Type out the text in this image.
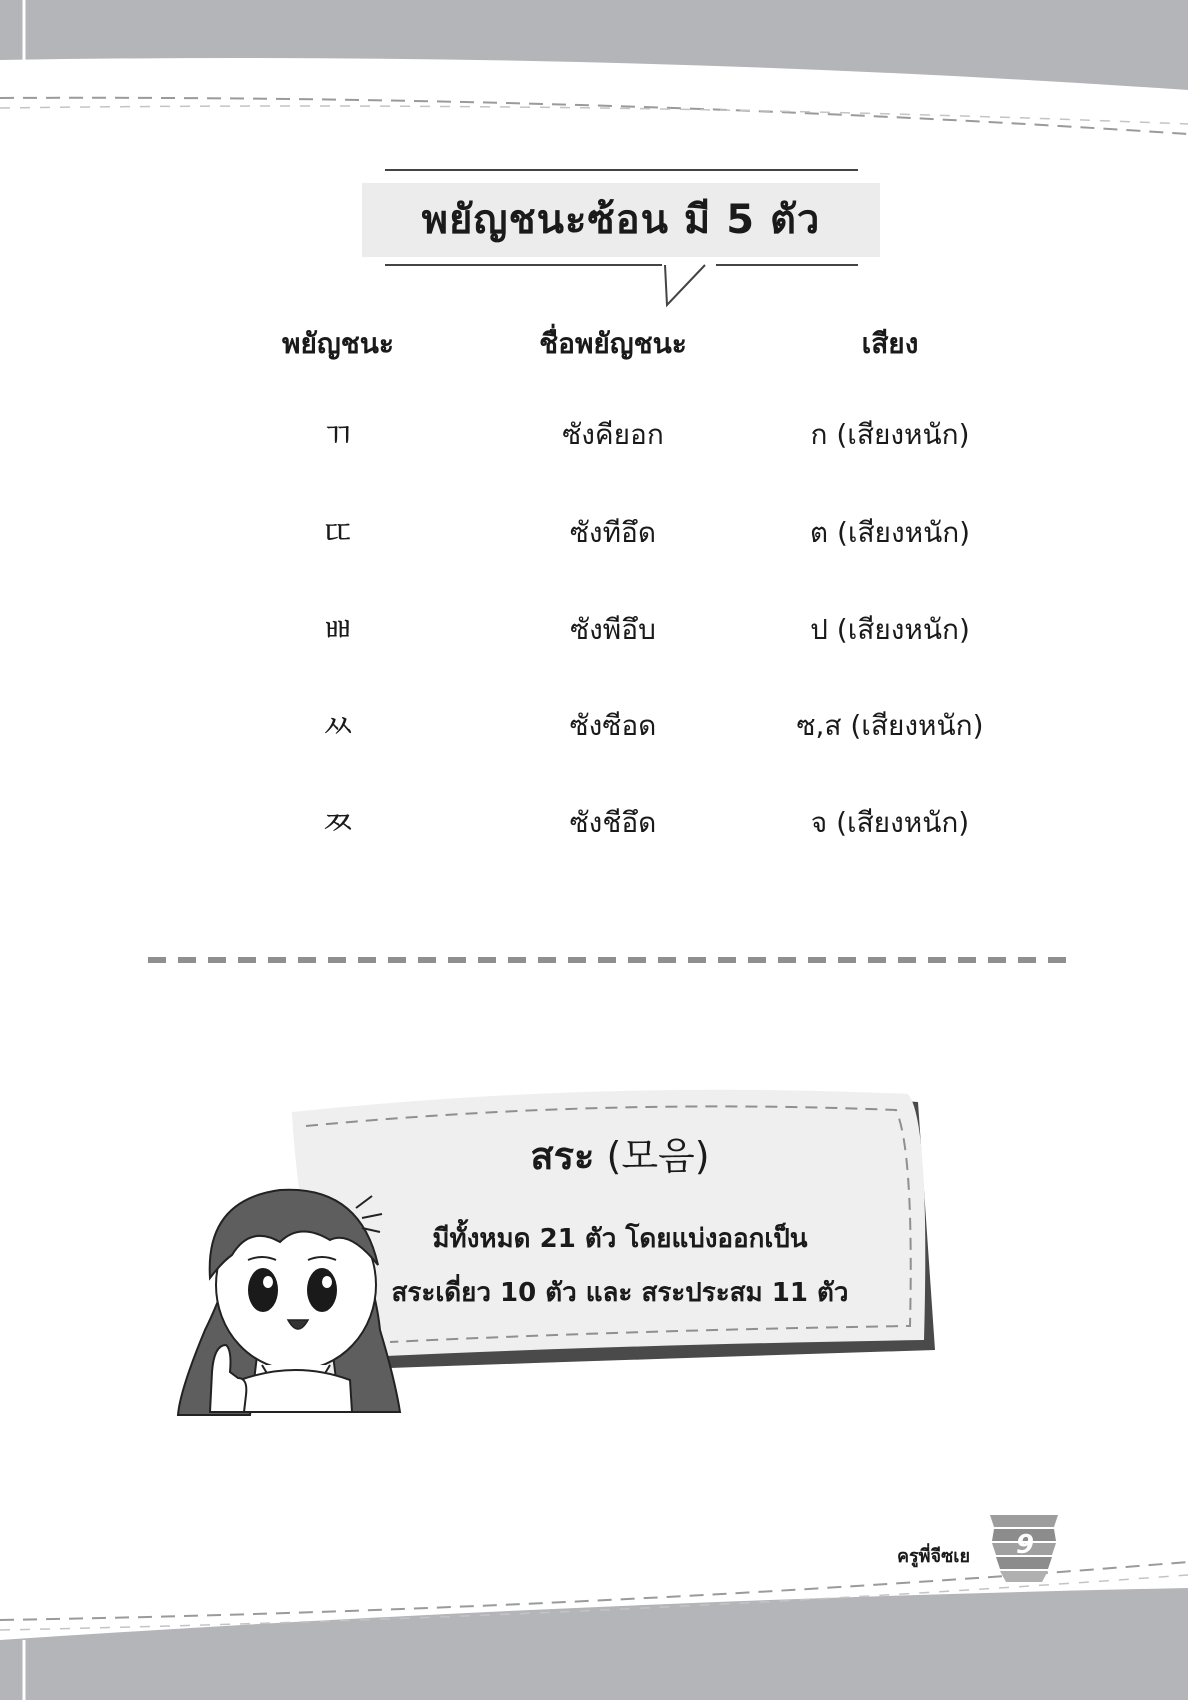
พยัญชนะซ้อน มี 5 ตัว
พยัญชนะ	ชื่อพยัญชนะ	เสียง
ㄲ	ซังคียอก	ก (เสียงหนัก)
ㄸ	ซังทีอึด	ต (เสียงหนัก)
ㅃ	ซังพีอึบ	ป (เสียงหนัก)
ㅆ	ซังซีอด	ซ,ส (เสียงหนัก)
ㅉ	ซังชีอึด	จ (เสียงหนัก)
สระ (모음)
มีทั้งหมด 21 ตัว โดยแบ่งออกเป็น
สระเดี่ยว 10 ตัว และ สระประสม 11 ตัว
ครูพี่จีซเย	9
